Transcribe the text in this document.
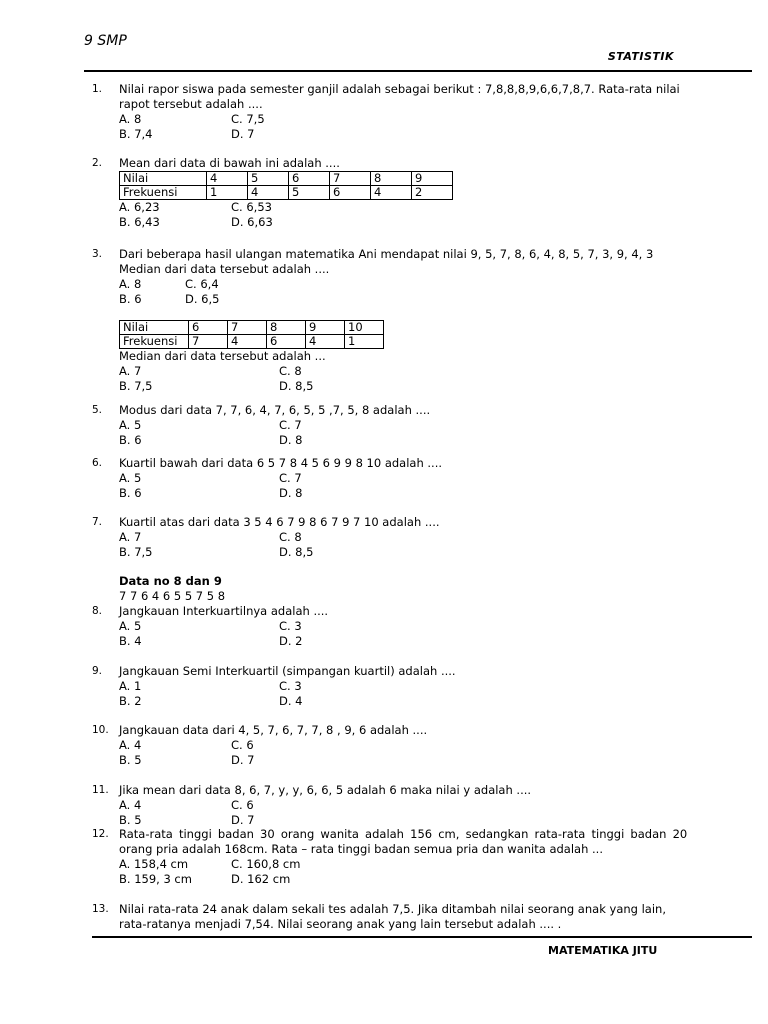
9 SMP
STATISTIK
1. Nilai rapor siswa pada semester ganjil adalah sebagai berikut : 7,8,8,8,9,6,6,7,8,7. Rata-rata nilai
rapot tersebut adalah ....
A. 8	C. 7,5
B. 7,4	D. 7
2. Mean dari data di bawah ini adalah ....
Nilai	4	5	6	7	8	9
Frekuensi	1	4	5	6	4	2
A. 6,23	C. 6,53
B. 6,43	D. 6,63
3. Dari beberapa hasil ulangan matematika Ani mendapat nilai 9, 5, 7, 8, 6, 4, 8, 5, 7, 3, 9, 4, 3
Median dari data tersebut adalah ....
A. 8	C. 6,4
B. 6	D. 6,5
Nilai	6	7	8	9	10
Frekuensi	7	4	6	4	1
Median dari data tersebut adalah ...
A. 7	C. 8
B. 7,5	D. 8,5
5. Modus dari data 7, 7, 6, 4, 7, 6, 5, 5 ,7, 5, 8 adalah ....
A. 5	C. 7
B. 6	D. 8
6. Kuartil bawah dari data 6 5 7 8 4 5 6 9 9 8 10 adalah ....
A. 5	C. 7
B. 6	D. 8
7. Kuartil atas dari data 3 5 4 6 7 9 8 6 7 9 7 10 adalah ....
A. 7	C. 8
B. 7,5	D. 8,5
Data no 8 dan 9
7 7 6 4 6 5 5 7 5 8
8. Jangkauan Interkuartilnya adalah ....
A. 5	C. 3
B. 4	D. 2
9. Jangkauan Semi Interkuartil (simpangan kuartil) adalah ....
A. 1	C. 3
B. 2	D. 4
10. Jangkauan data dari 4, 5, 7, 6, 7, 7, 8 , 9, 6 adalah ....
A. 4	C. 6
B. 5	D. 7
11. Jika mean dari data 8, 6, 7, y, y, 6, 6, 5 adalah 6 maka nilai y adalah ....
A. 4	C. 6
B. 5	D. 7
12. Rata-rata tinggi badan 30 orang wanita adalah 156 cm, sedangkan rata-rata tinggi badan 20
orang pria adalah 168cm. Rata – rata tinggi badan semua pria dan wanita adalah ...
A. 158,4 cm	C. 160,8 cm
B. 159, 3 cm	D. 162 cm
13. Nilai rata-rata 24 anak dalam sekali tes adalah 7,5. Jika ditambah nilai seorang anak yang lain,
rata-ratanya menjadi 7,54. Nilai seorang anak yang lain tersebut adalah .... .
MATEMATIKA JITU
